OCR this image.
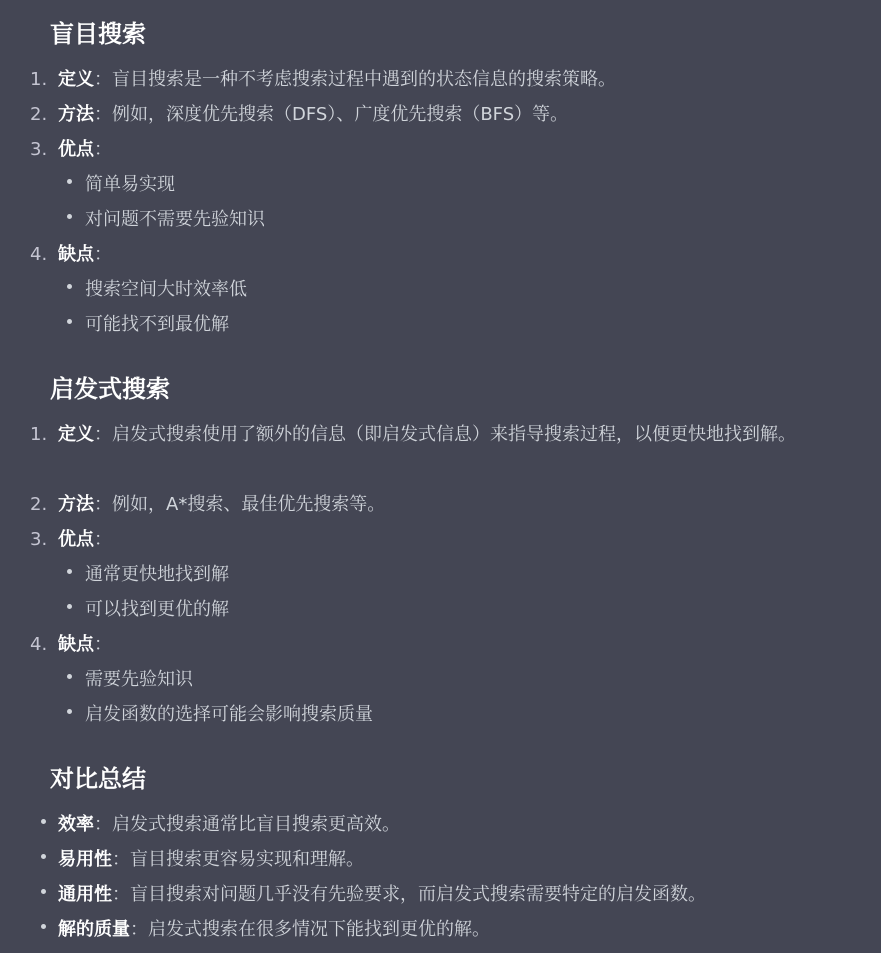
盲目搜索
1. 定义：盲目搜索是一种不考虑搜索过程中遇到的状态信息的搜索策略。
2. 方法：例如，深度优先搜索（DFS）、广度优先搜索（BFS）等。
3. 优点：
简单易实现
对问题不需要先验知识
4. 缺点：
搜索空间大时效率低
可能找不到最优解
启发式搜索
1. 定义：启发式搜索使用了额外的信息（即启发式信息）来指导搜索过程，以便更快地找到解。
2. 方法：例如，A*搜索、最佳优先搜索等。
3. 优点：
通常更快地找到解
可以找到更优的解
4. 缺点：
需要先验知识
启发函数的选择可能会影响搜索质量
对比总结
效率：启发式搜索通常比盲目搜索更高效。
易用性：盲目搜索更容易实现和理解。
通用性：盲目搜索对问题几乎没有先验要求，而启发式搜索需要特定的启发函数。
解的质量：启发式搜索在很多情况下能找到更优的解。
